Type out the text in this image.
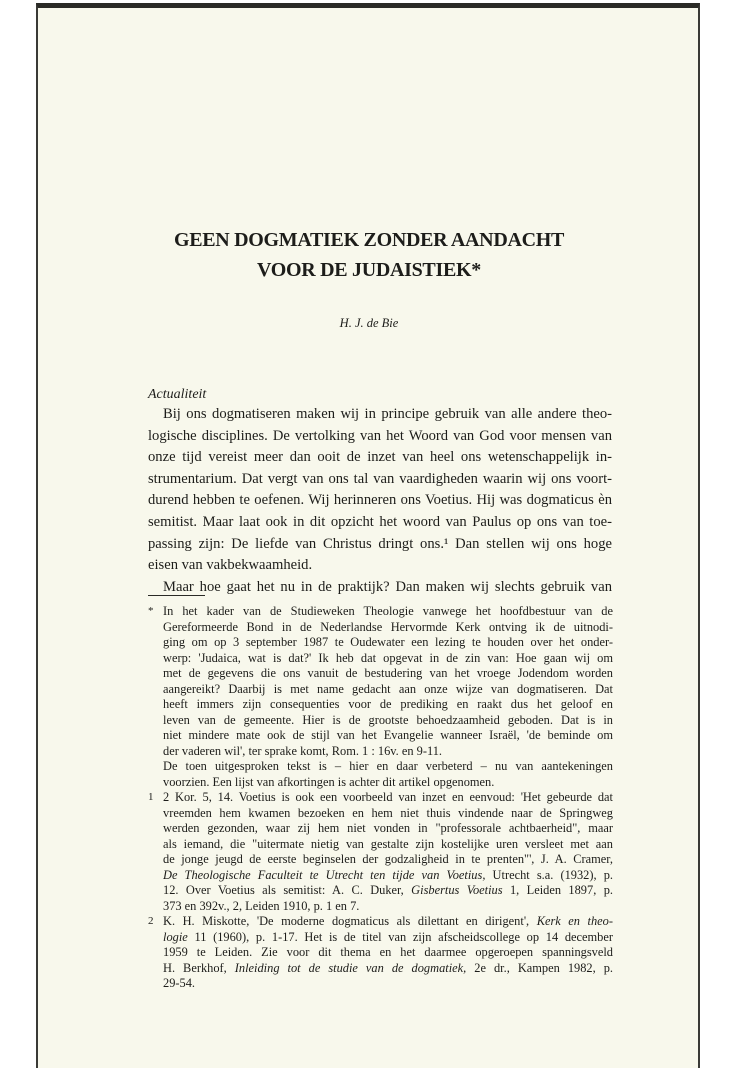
GEEN DOGMATIEK ZONDER AANDACHT
VOOR DE JUDAISTIEK*
H. J. de Bie
Actualiteit
Bij ons dogmatiseren maken wij in principe gebruik van alle andere theo-
logische disciplines. De vertolking van het Woord van God voor mensen van
onze tijd vereist meer dan ooit de inzet van heel ons wetenschappelijk in-
strumentarium. Dat vergt van ons tal van vaardigheden waarin wij ons voort-
durend hebben te oefenen. Wij herinneren ons Voetius. Hij was dogmaticus èn
semitist. Maar laat ook in dit opzicht het woord van Paulus op ons van toe-
passing zijn: De liefde van Christus dringt ons.¹ Dan stellen wij ons hoge
eisen van vakbekwaamheid.
Maar hoe gaat het nu in de praktijk? Dan maken wij slechts gebruik van
* In het kader van de Studieweken Theologie vanwege het hoofdbestuur van de
Gereformeerde Bond in de Nederlandse Hervormde Kerk ontving ik de uitnodi-
ging om op 3 september 1987 te Oudewater een lezing te houden over het onder-
werp: 'Judaica, wat is dat?' Ik heb dat opgevat in de zin van: Hoe gaan wij om
met de gegevens die ons vanuit de bestudering van het vroege Jodendom worden
aangereikt? Daarbij is met name gedacht aan onze wijze van dogmatiseren. Dat
heeft immers zijn consequenties voor de prediking en raakt dus het geloof en
leven van de gemeente. Hier is de grootste behoedzaamheid geboden. Dat is in
niet mindere mate ook de stijl van het Evangelie wanneer Israël, 'de beminde om
der vaderen wil', ter sprake komt, Rom. 1 : 16v. en 9-11.
De toen uitgesproken tekst is – hier en daar verbeterd – nu van aantekeningen
voorzien. Een lijst van afkortingen is achter dit artikel opgenomen.
1 2 Kor. 5, 14. Voetius is ook een voorbeeld van inzet en eenvoud: 'Het gebeurde dat
vreemden hem kwamen bezoeken en hem niet thuis vindende naar de Springweg
werden gezonden, waar zij hem niet vonden in "professorale achtbaerheid", maar
als iemand, die "uitermate nietig van gestalte zijn kostelijke uren versleet met aan
de jonge jeugd de eerste beginselen der godzaligheid in te prenten"', J. A. Cramer,
De Theologische Faculteit te Utrecht ten tijde van Voetius, Utrecht s.a. (1932), p.
12. Over Voetius als semitist: A. C. Duker, Gisbertus Voetius 1, Leiden 1897, p.
373 en 392v., 2, Leiden 1910, p. 1 en 7.
2 K. H. Miskotte, 'De moderne dogmaticus als dilettant en dirigent', Kerk en theo-
logie 11 (1960), p. 1-17. Het is de titel van zijn afscheidscollege op 14 december
1959 te Leiden. Zie voor dit thema en het daarmee opgeroepen spanningsveld
H. Berkhof, Inleiding tot de studie van de dogmatiek, 2e dr., Kampen 1982, p.
29-54.
